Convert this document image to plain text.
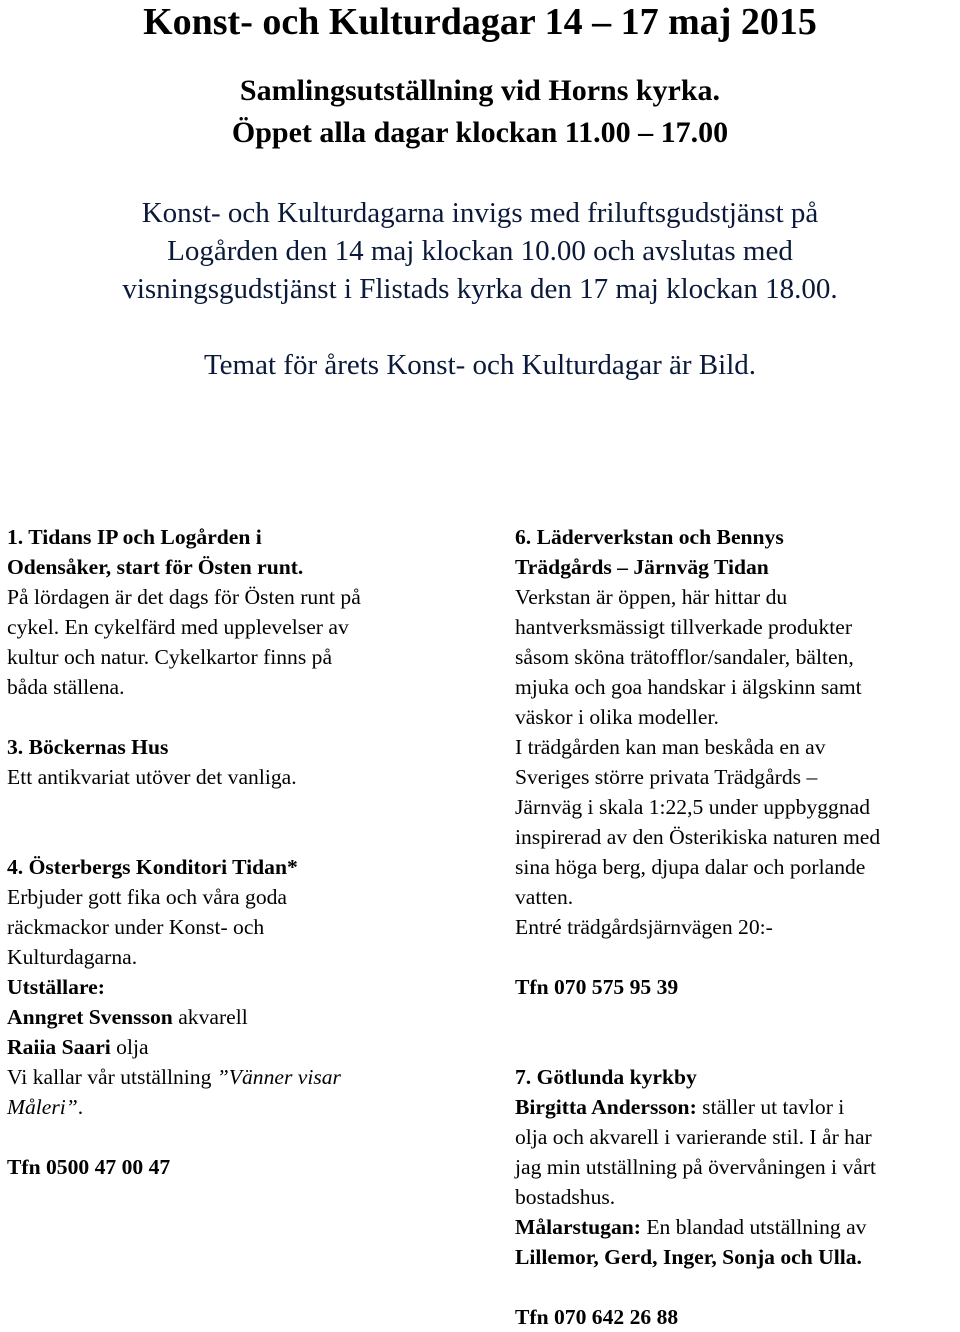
Konst- och Kulturdagar 14 – 17 maj 2015

Samlingsutställning vid Horns kyrka.

Öppet alla dagar klockan 11.00 – 17.00

Konst- och Kulturdagarna invigs med friluftsgudstjänst på
Logården den 14 maj klockan 10.00 och avslutas med
visningsgudstjänst i Flistads kyrka den 17 maj klockan 18.00.

Temat för årets Konst- och Kulturdagar är Bild.

1. Tidans IP och Logården i

Odensåker, start för Östen runt.

På lördagen är det dags för Östen runt på

cykel. En cykelfärd med upplevelser av

kultur och natur. Cykelkartor finns på

båda ställena.

3. Böckernas Hus

Ett antikvariat utöver det vanliga.

4. Österbergs Konditori Tidan*

Erbjuder gott fika och våra goda

räckmackor under Konst- och

Kulturdagarna.

Utställare:

Anngret Svensson akvarell

Raiia Saari olja

Vi kallar vår utställning ”Vänner visar

Måleri”.

Tfn 0500 47 00 47

6. Läderverkstan och Bennys

Trädgårds – Järnväg Tidan

Verkstan är öppen, här hittar du

hantverksmässigt tillverkade produkter

såsom sköna trätofflor/sandaler, bälten,

mjuka och goa handskar i älgskinn samt

väskor i olika modeller.

I trädgården kan man beskåda en av

Sveriges större privata Trädgårds –

Järnväg i skala 1:22,5 under uppbyggnad

inspirerad av den Österikiska naturen med

sina höga berg, djupa dalar och porlande

vatten.

Entré trädgårdsjärnvägen 20:-

Tfn 070 575 95 39

7. Götlunda kyrkby

Birgitta Andersson: ställer ut tavlor i

olja och akvarell i varierande stil. I år har

jag min utställning på övervåningen i vårt

bostadshus.

Målarstugan: En blandad utställning av

Lillemor, Gerd, Inger, Sonja och Ulla.

Tfn 070 642 26 88
